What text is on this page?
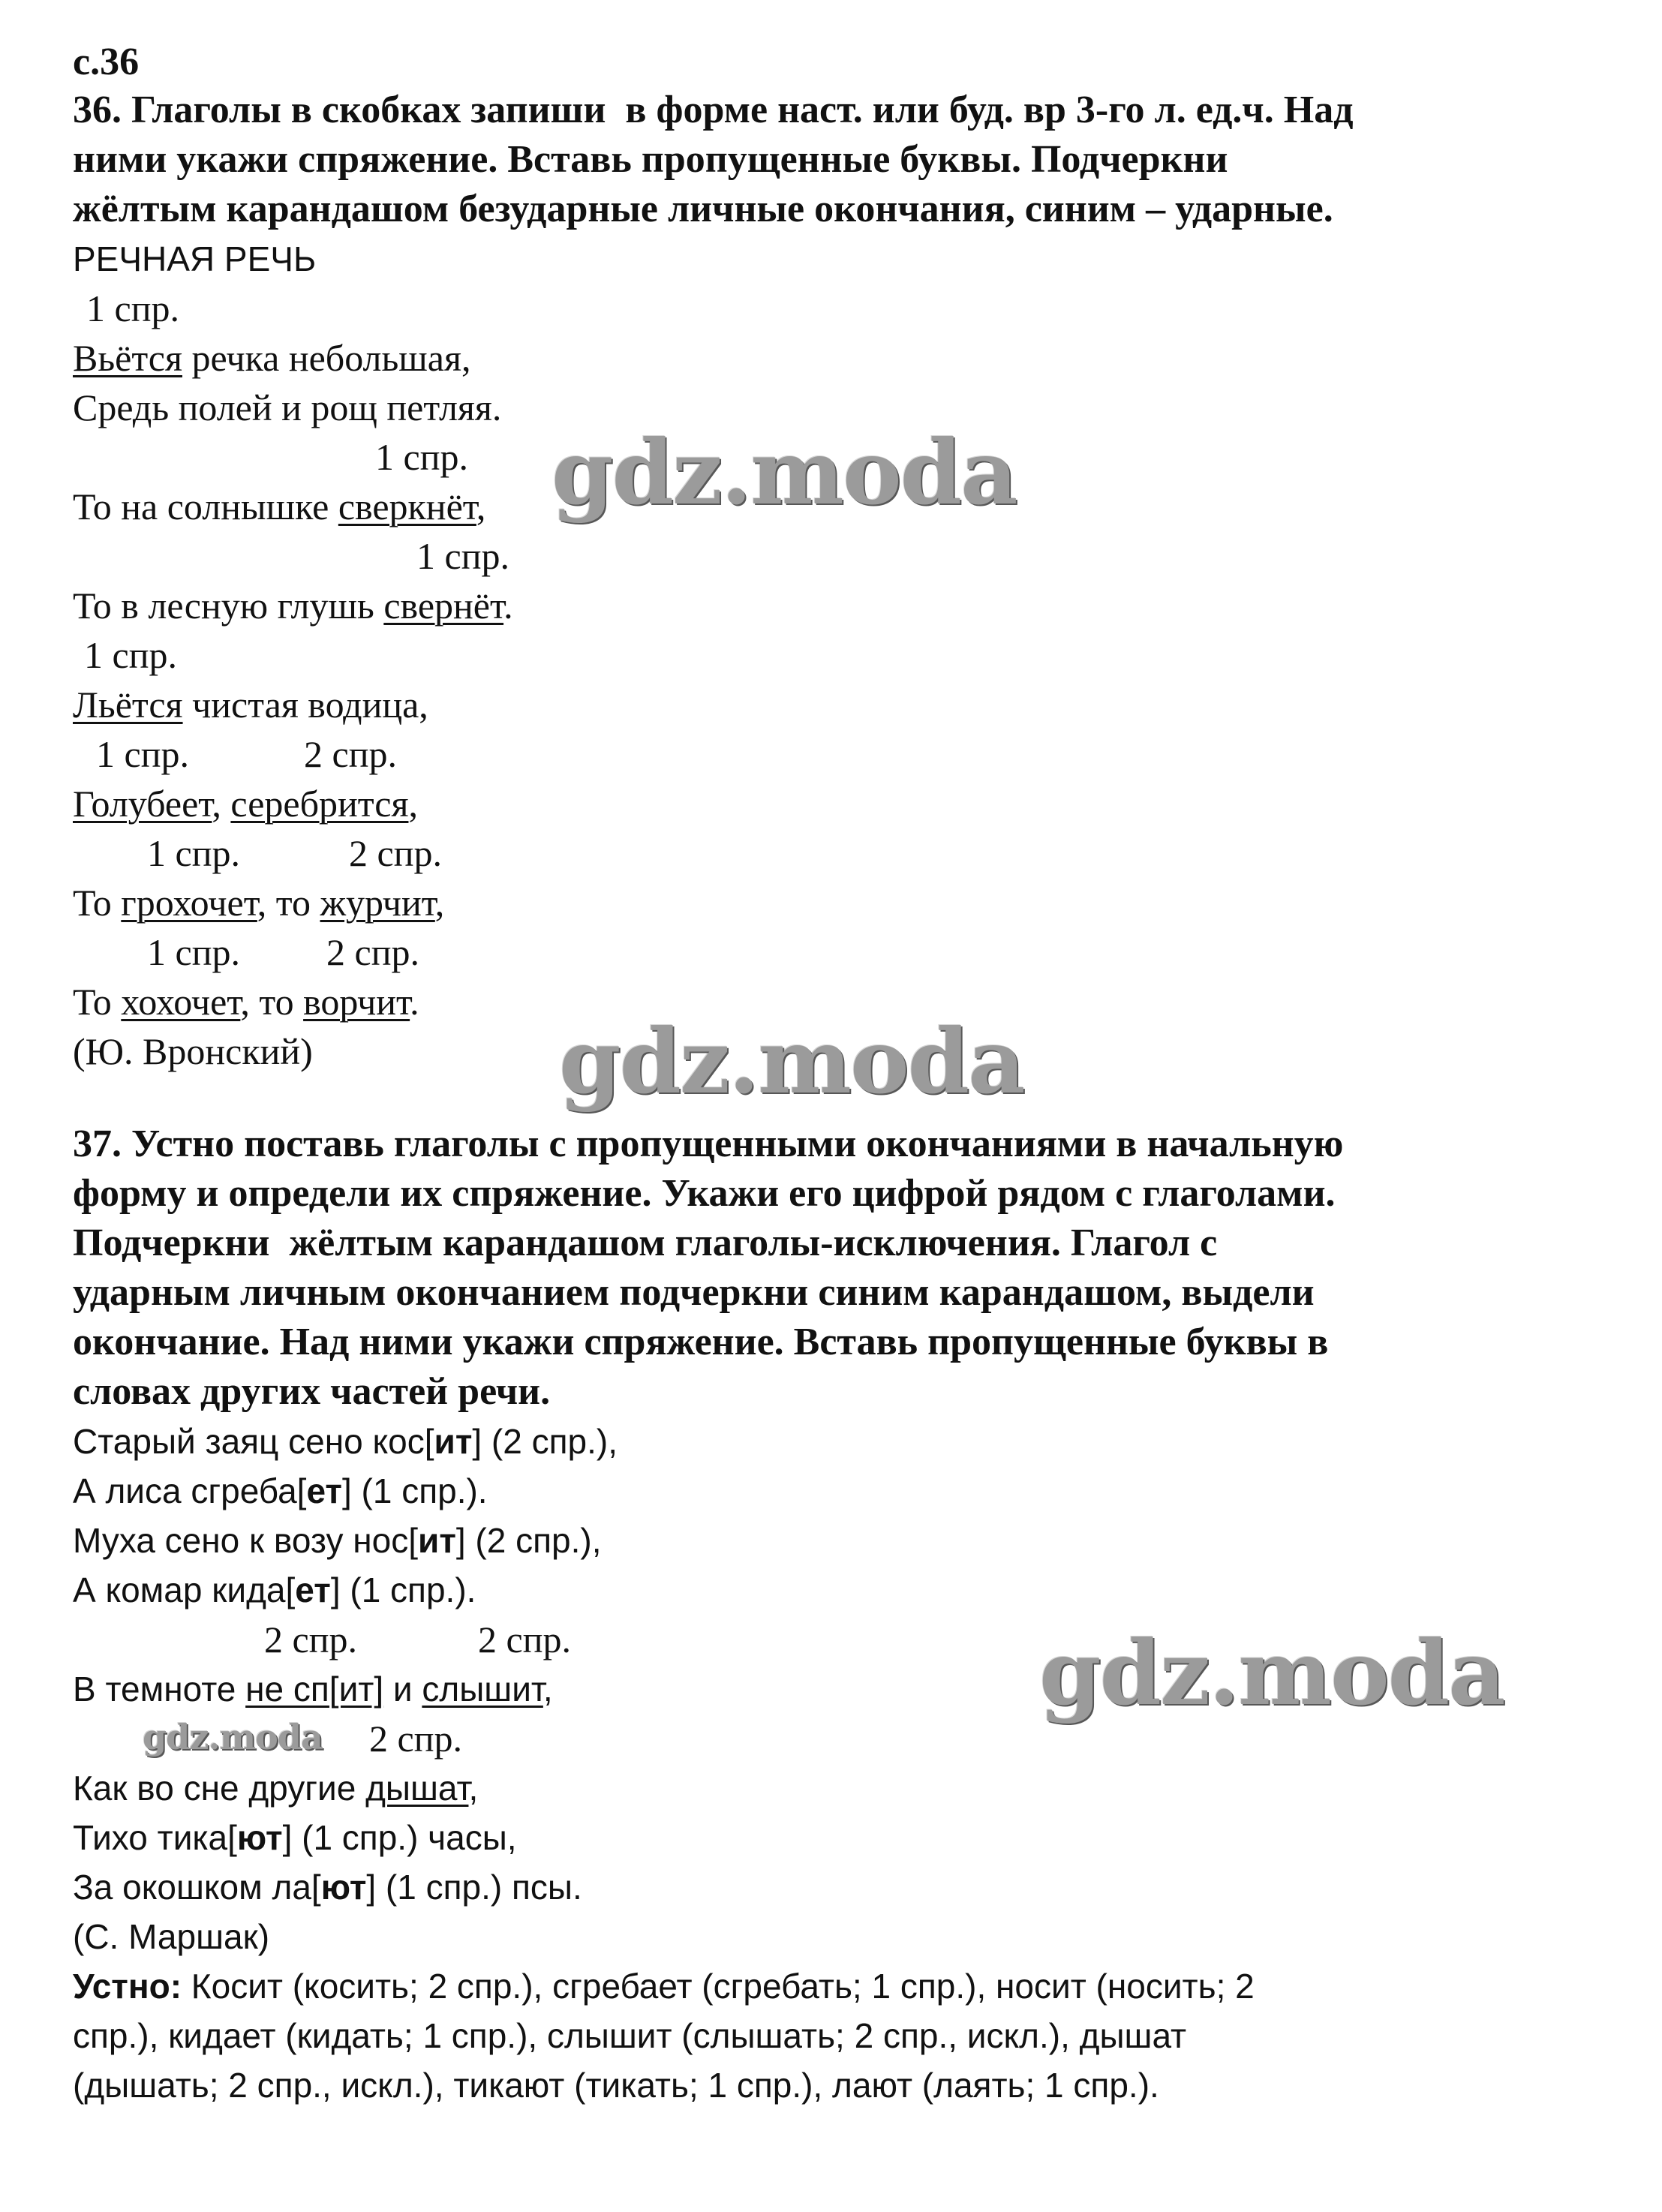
с.36
36. Глаголы в скобках запиши  в форме наст. или буд. вр 3-го л. ед.ч. Над
ними укажи спряжение. Вставь пропущенные буквы. Подчеркни
жёлтым карандашом безударные личные окончания, синим – ударные.
РЕЧНАЯ РЕЧЬ
1 спр.
Вьётся речка небольшая,
Средь полей и рощ петляя.
1 спр.
То на солнышке сверкнёт,
1 спр.
То в лесную глушь свернёт.
1 спр.
Льётся чистая водица,
1 спр.	2 спр.
Голубеет, серебрится,
1 спр.	2 спр.
То грохочет, то журчит,
1 спр. 2 спр.
То хохочет, то ворчит.
(Ю. Вронский)
37. Устно поставь глаголы с пропущенными окончаниями в начальную
форму и определи их спряжение. Укажи его цифрой рядом с глаголами.
Подчеркни  жёлтым карандашом глаголы-исключения. Глагол с
ударным личным окончанием подчеркни синим карандашом, выдели
окончание. Над ними укажи спряжение. Вставь пропущенные буквы в
словах других частей речи.
Старый заяц сено кос[ит] (2 спр.),
А лиса сгреба[ет] (1 спр.).
Муха сено к возу нос[ит] (2 спр.),
А комар кида[ет] (1 спр.).
2 спр.	2 спр.
В темноте не сп[ит] и слышит,
2 спр.
Как во сне другие дышат,
Тихо тика[ют] (1 спр.) часы,
За окошком ла[ют] (1 спр.) псы.
(С. Маршак)
Устно: Косит (косить; 2 спр.), сгребает (сгребать; 1 спр.), носит (носить; 2
спр.), кидает (кидать; 1 спр.), слышит (слышать; 2 спр., искл.), дышат
(дышать; 2 спр., искл.), тикают (тикать; 1 спр.), лают (лаять; 1 спр.).
gdz.moda
gdz.moda
gdz.moda
gdz.moda
